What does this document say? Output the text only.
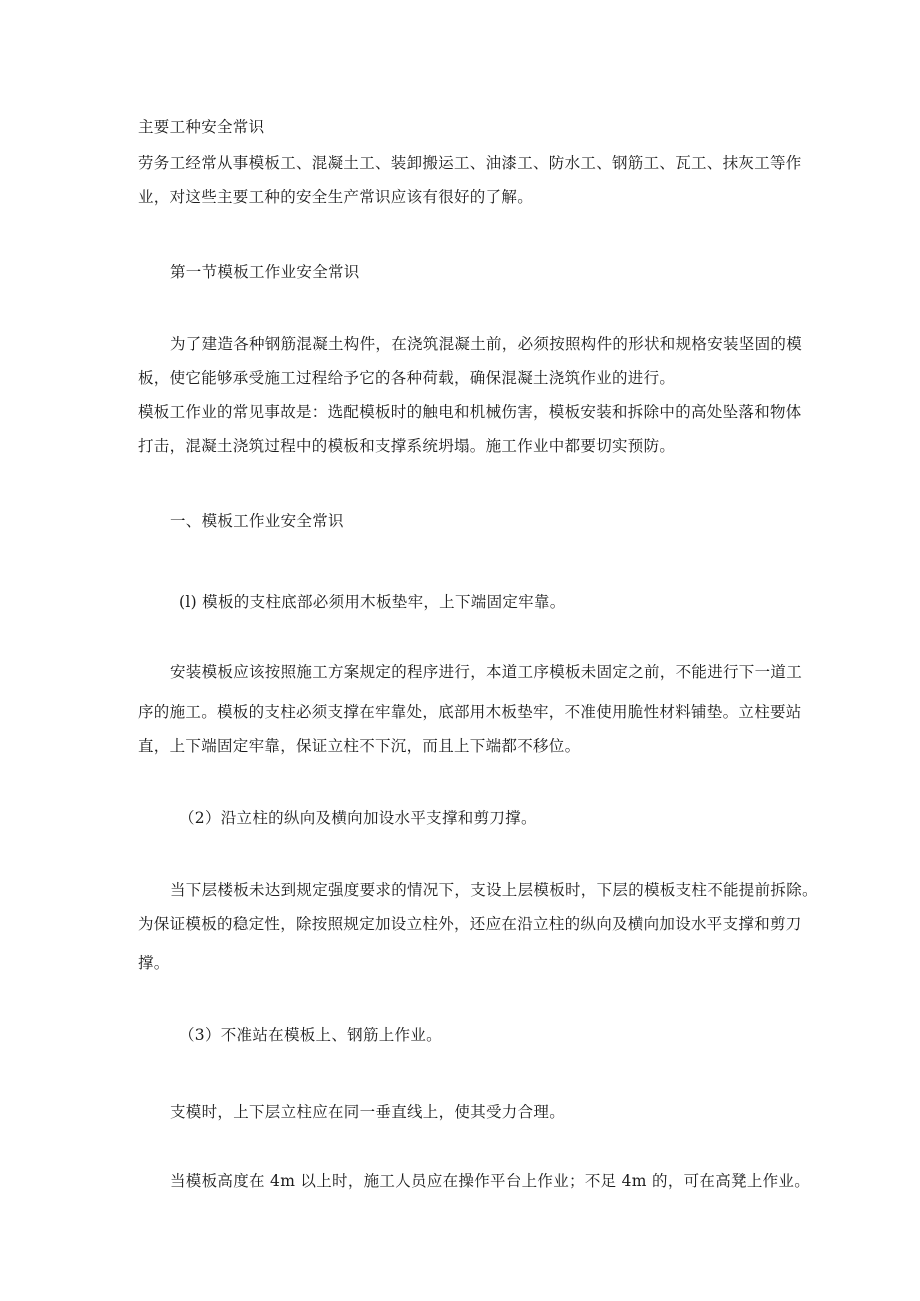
主要工种安全常识
劳务工经常从事模板工、混凝土工、装卸搬运工、油漆工、防水工、钢筋工、瓦工、抹灰工等作
业，对这些主要工种的安全生产常识应该有很好的了解。
第一节模板工作业安全常识
为了建造各种钢筋混凝土构件，在浇筑混凝土前，必须按照构件的形状和规格安装坚固的模
板，使它能够承受施工过程给予它的各种荷载，确保混凝土浇筑作业的进行。
模板工作业的常见事故是：选配模板时的触电和机械伤害，模板安装和拆除中的高处坠落和物体
打击，混凝土浇筑过程中的模板和支撑系统坍塌。施工作业中都要切实预防。
一、模板工作业安全常识
(l) 模板的支柱底部必须用木板垫牢，上下端固定牢靠。
安装模板应该按照施工方案规定的程序进行，本道工序模板未固定之前，不能进行下一道工
序的施工。模板的支柱必须支撑在牢靠处，底部用木板垫牢，不准使用脆性材料铺垫。立柱要站
直，上下端固定牢靠，保证立柱不下沉，而且上下端都不移位。
（2）沿立柱的纵向及横向加设水平支撑和剪刀撑。
当下层楼板未达到规定强度要求的情况下，支设上层模板时，下层的模板支柱不能提前拆除。
为保证模板的稳定性，除按照规定加设立柱外，还应在沿立柱的纵向及横向加设水平支撑和剪刀
撑。
（3）不准站在模板上、钢筋上作业。
支模时，上下层立柱应在同一垂直线上，使其受力合理。
当模板高度在 4m 以上时，施工人员应在操作平台上作业；不足 4m 的，可在高凳上作业。
